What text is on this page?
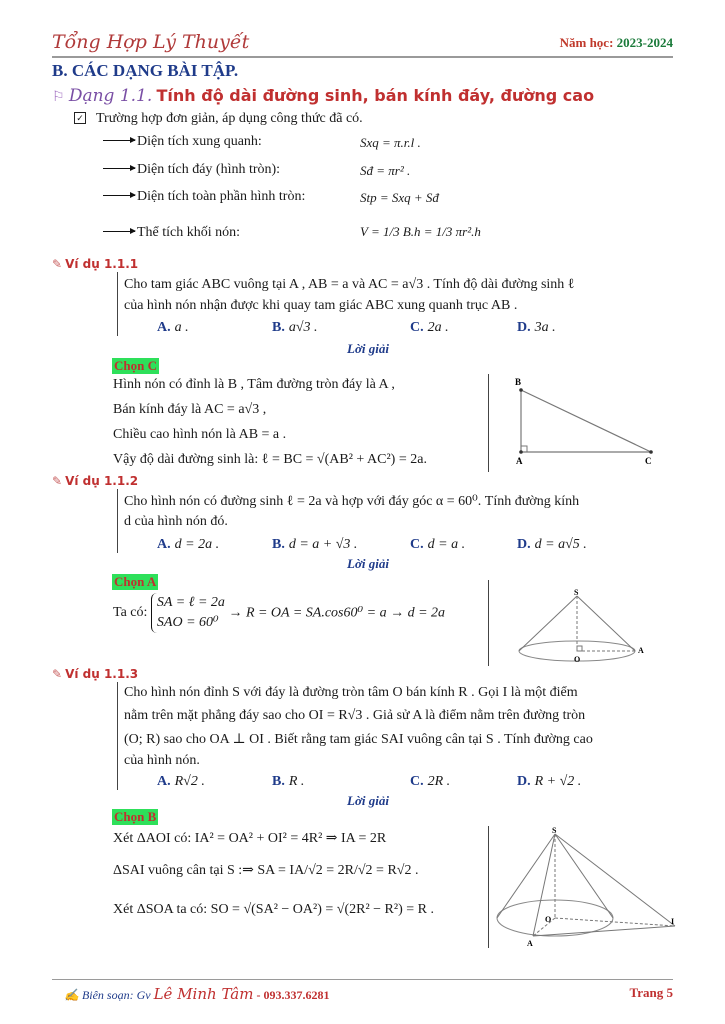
Tổng Hợp Lý Thuyết	Năm học: 2023-2024
B. CÁC DẠNG BÀI TẬP.
⚐ Dạng 1.1. Tính độ dài đường sinh, bán kính đáy, đường cao
✓ Trường hợp đơn giản, áp dụng công thức đã có.
Diện tích xung quanh:	Sxq = π.r.l .
Diện tích đáy (hình tròn):	Sđ = πr² .
Diện tích toàn phần hình tròn:	Stp = Sxq + Sđ
Thể tích khối nón:	V = 1/3 B.h = 1/3 πr².h
✎ Ví dụ 1.1.1
Cho tam giác ABC vuông tại A , AB = a và AC = a√3 . Tính độ dài đường sinh ℓ
của hình nón nhận được khi quay tam giác ABC xung quanh trục AB .
A. a .	B. a√3 .	C. 2a .	D. 3a .
Lời giải
Chọn C
Hình nón có đỉnh là B , Tâm đường tròn đáy là A ,
Bán kính đáy là AC = a√3 ,
Chiều cao hình nón là AB = a .
Vậy độ dài đường sinh là: ℓ = BC = √(AB² + AC²) = 2a.
B
A	C
✎ Ví dụ 1.1.2
Cho hình nón có đường sinh ℓ = 2a và hợp với đáy góc α = 60⁰. Tính đường kính
d của hình nón đó.
A. d = 2a .	B. d = a + √3 .	C. d = a .	D. d = a√5 .
Lời giải
Chọn A
Ta có:
SA = ℓ = 2a
SAO = 60⁰
→ R = OA = SA.cos60⁰ = a → d = 2a
S
O
A
✎ Ví dụ 1.1.3
Cho hình nón đỉnh S với đáy là đường tròn tâm O bán kính R . Gọi I là một điểm
nằm trên mặt phẳng đáy sao cho OI = R√3 . Giả sử A là điểm nằm trên đường tròn
(O; R) sao cho OA ⊥ OI . Biết rằng tam giác SAI vuông cân tại S . Tính đường cao
của hình nón.
A. R√2 .	B. R .	C. 2R .	D. R + √2 .
Lời giải
Chọn B
Xét ΔAOI có: IA² = OA² + OI² = 4R² ⇒ IA = 2R
ΔSAI vuông cân tại S :⇒ SA = IA/√2 = 2R/√2 = R√2 .
Xét ΔSOA ta có: SO = √(SA² − OA²) = √(2R² − R²) = R .
S
O	I
A
✍ Biên soạn: Gv Lê Minh Tâm - 093.337.6281	Trang 5
